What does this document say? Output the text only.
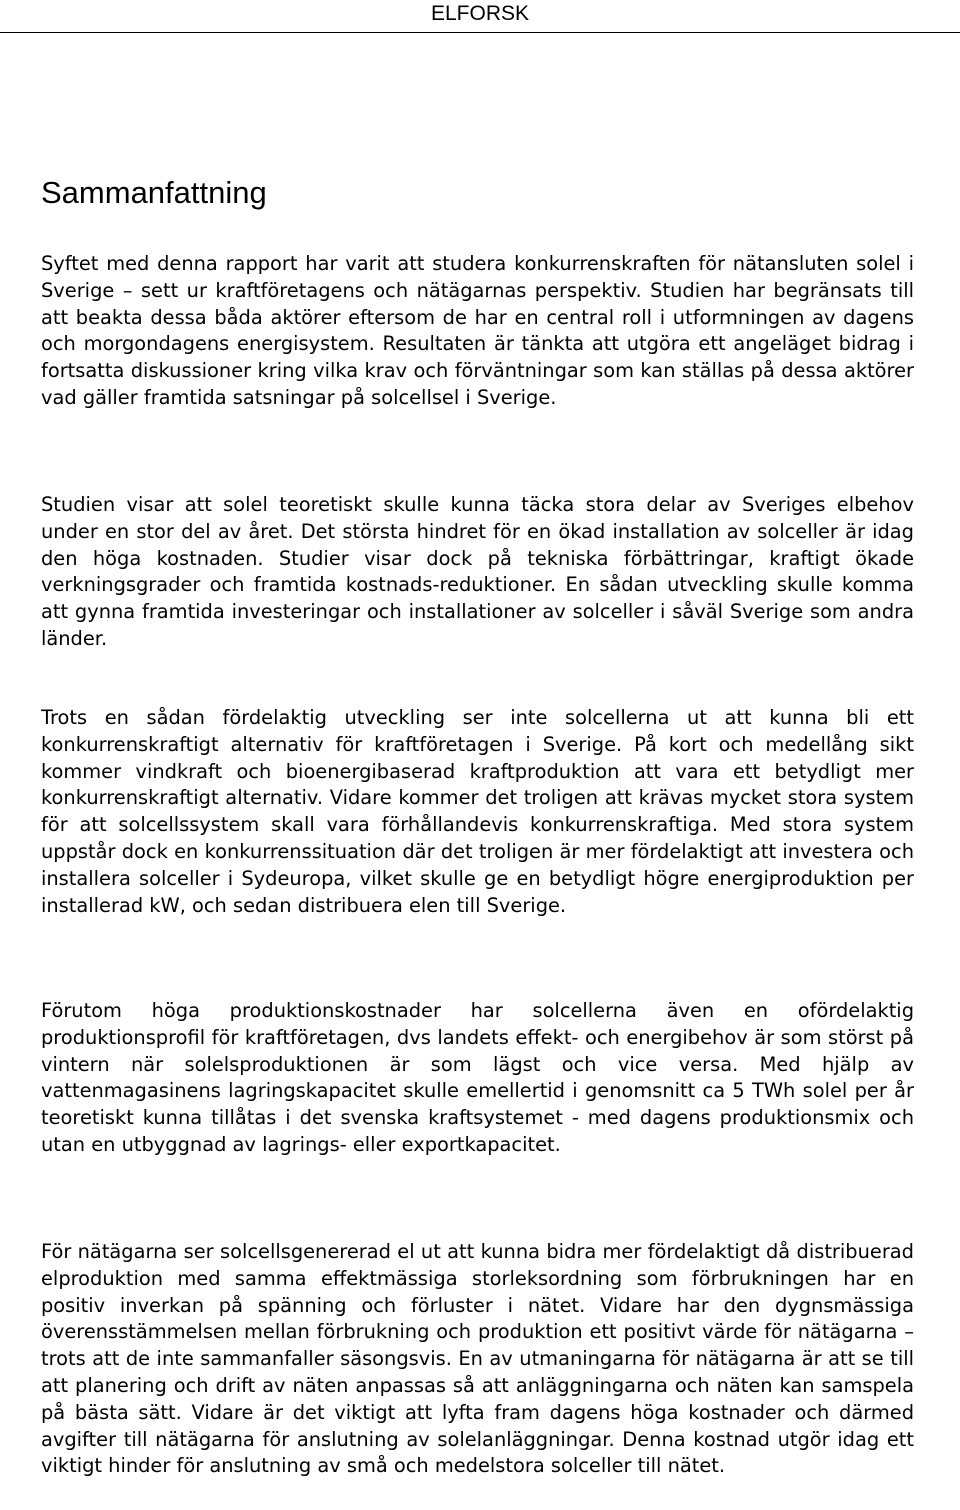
ELFORSK
Sammanfattning

Syftet med denna rapport har varit att studera konkurrenskraften för nätansluten solel i Sverige – sett ur kraftföretagens och nätägarnas perspektiv. Studien har begränsats till att beakta dessa båda aktörer eftersom de har en central roll i utformningen av dagens och morgondagens energisystem. Resultaten är tänkta att utgöra ett angeläget bidrag i fortsatta diskussioner kring vilka krav och förväntningar som kan ställas på dessa aktörer vad gäller framtida satsningar på solcellsel i Sverige.

Studien visar att solel teoretiskt skulle kunna täcka stora delar av Sveriges elbehov under en stor del av året. Det största hindret för en ökad installation av solceller är idag den höga kostnaden. Studier visar dock på tekniska förbättringar, kraftigt ökade verkningsgrader och framtida kostnads-reduktioner. En sådan utveckling skulle komma att gynna framtida investeringar och installationer av solceller i såväl Sverige som andra länder.

Trots en sådan fördelaktig utveckling ser inte solcellerna ut att kunna bli ett konkurrenskraftigt alternativ för kraftföretagen i Sverige. På kort och medellång sikt kommer vindkraft och bioenergibaserad kraftproduktion att vara ett betydligt mer konkurrenskraftigt alternativ. Vidare kommer det troligen att krävas mycket stora system för att solcellssystem skall vara förhållandevis konkurrenskraftiga. Med stora system uppstår dock en konkurrenssituation där det troligen är mer fördelaktigt att investera och installera solceller i Sydeuropa, vilket skulle ge en betydligt högre energiproduktion per installerad kW, och sedan distribuera elen till Sverige.

Förutom höga produktionskostnader har solcellerna även en ofördelaktig produktionsprofil för kraftföretagen, dvs landets effekt- och energibehov är som störst på vintern när solelsproduktionen är som lägst och vice versa. Med hjälp av vattenmagasinens lagringskapacitet skulle emellertid i genomsnitt ca 5 TWh solel per år teoretiskt kunna tillåtas i det svenska kraftsystemet - med dagens produktionsmix och utan en utbyggnad av lagrings- eller exportkapacitet.

För nätägarna ser solcellsgenererad el ut att kunna bidra mer fördelaktigt då distribuerad elproduktion med samma effektmässiga storleksordning som förbrukningen har en positiv inverkan på spänning och förluster i nätet. Vidare har den dygnsmässiga överensstämmelsen mellan förbrukning och produktion ett positivt värde för nätägarna – trots att de inte sammanfaller säsongsvis. En av utmaningarna för nätägarna är att se till att planering och drift av näten anpassas så att anläggningarna och näten kan samspela på bästa sätt. Vidare är det viktigt att lyfta fram dagens höga kostnader och därmed avgifter till nätägarna för anslutning av solelanläggningar. Denna kostnad utgör idag ett viktigt hinder för anslutning av små och medelstora solceller till nätet.
